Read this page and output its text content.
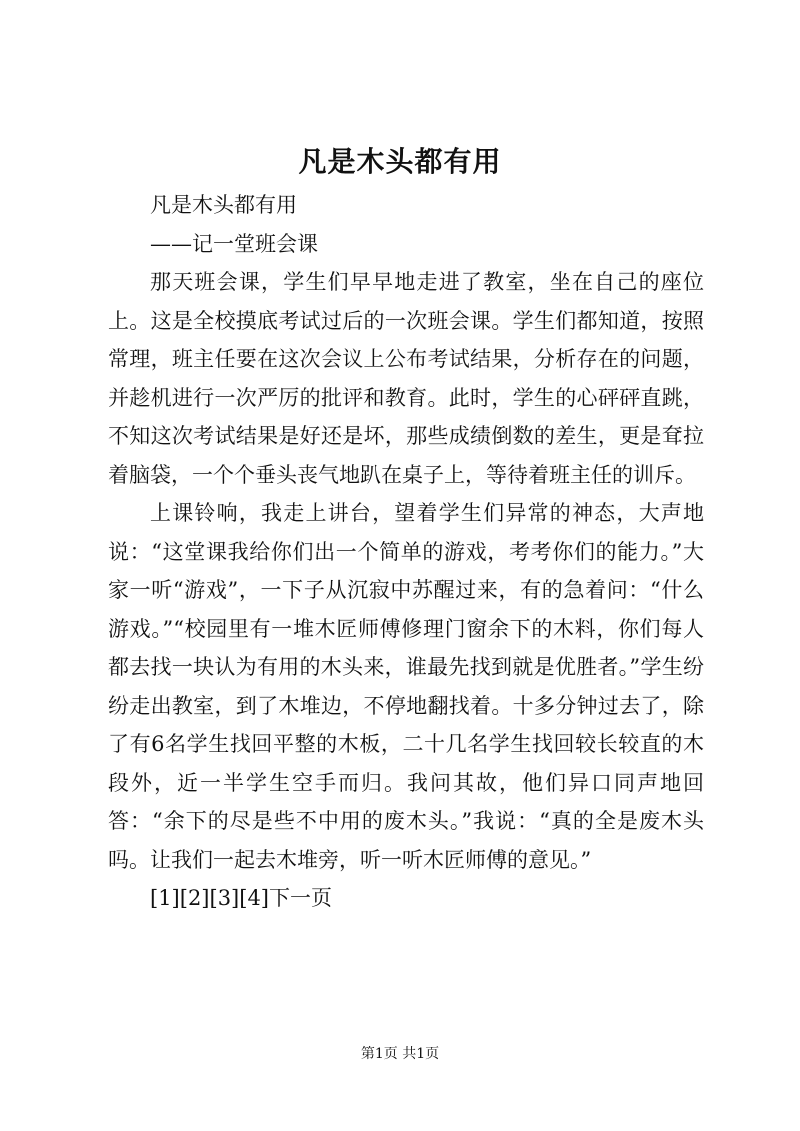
凡是木头都有用

凡是木头都有用

——记一堂班会课

那天班会课，学生们早早地走进了教室，坐在自己的座位上。这是全校摸底考试过后的一次班会课。学生们都知道，按照常理，班主任要在这次会议上公布考试结果，分析存在的问题，并趁机进行一次严厉的批评和教育。此时，学生的心砰砰直跳，不知这次考试结果是好还是坏，那些成绩倒数的差生，更是耷拉着脑袋，一个个垂头丧气地趴在桌子上，等待着班主任的训斥。

上课铃响，我走上讲台，望着学生们异常的神态，大声地说：“这堂课我给你们出一个简单的游戏，考考你们的能力。”大家一听“游戏”，一下子从沉寂中苏醒过来，有的急着问：“什么游戏。”“校园里有一堆木匠师傅修理门窗余下的木料，你们每人都去找一块认为有用的木头来，谁最先找到就是优胜者。”学生纷纷走出教室，到了木堆边，不停地翻找着。十多分钟过去了，除了有6名学生找回平整的木板，二十几名学生找回较长较直的木段外，近一半学生空手而归。我问其故，他们异口同声地回答：“余下的尽是些不中用的废木头。”我说：“真的全是废木头吗。让我们一起去木堆旁，听一听木匠师傅的意见。”

[1][2][3][4]下一页

第1页 共1页
